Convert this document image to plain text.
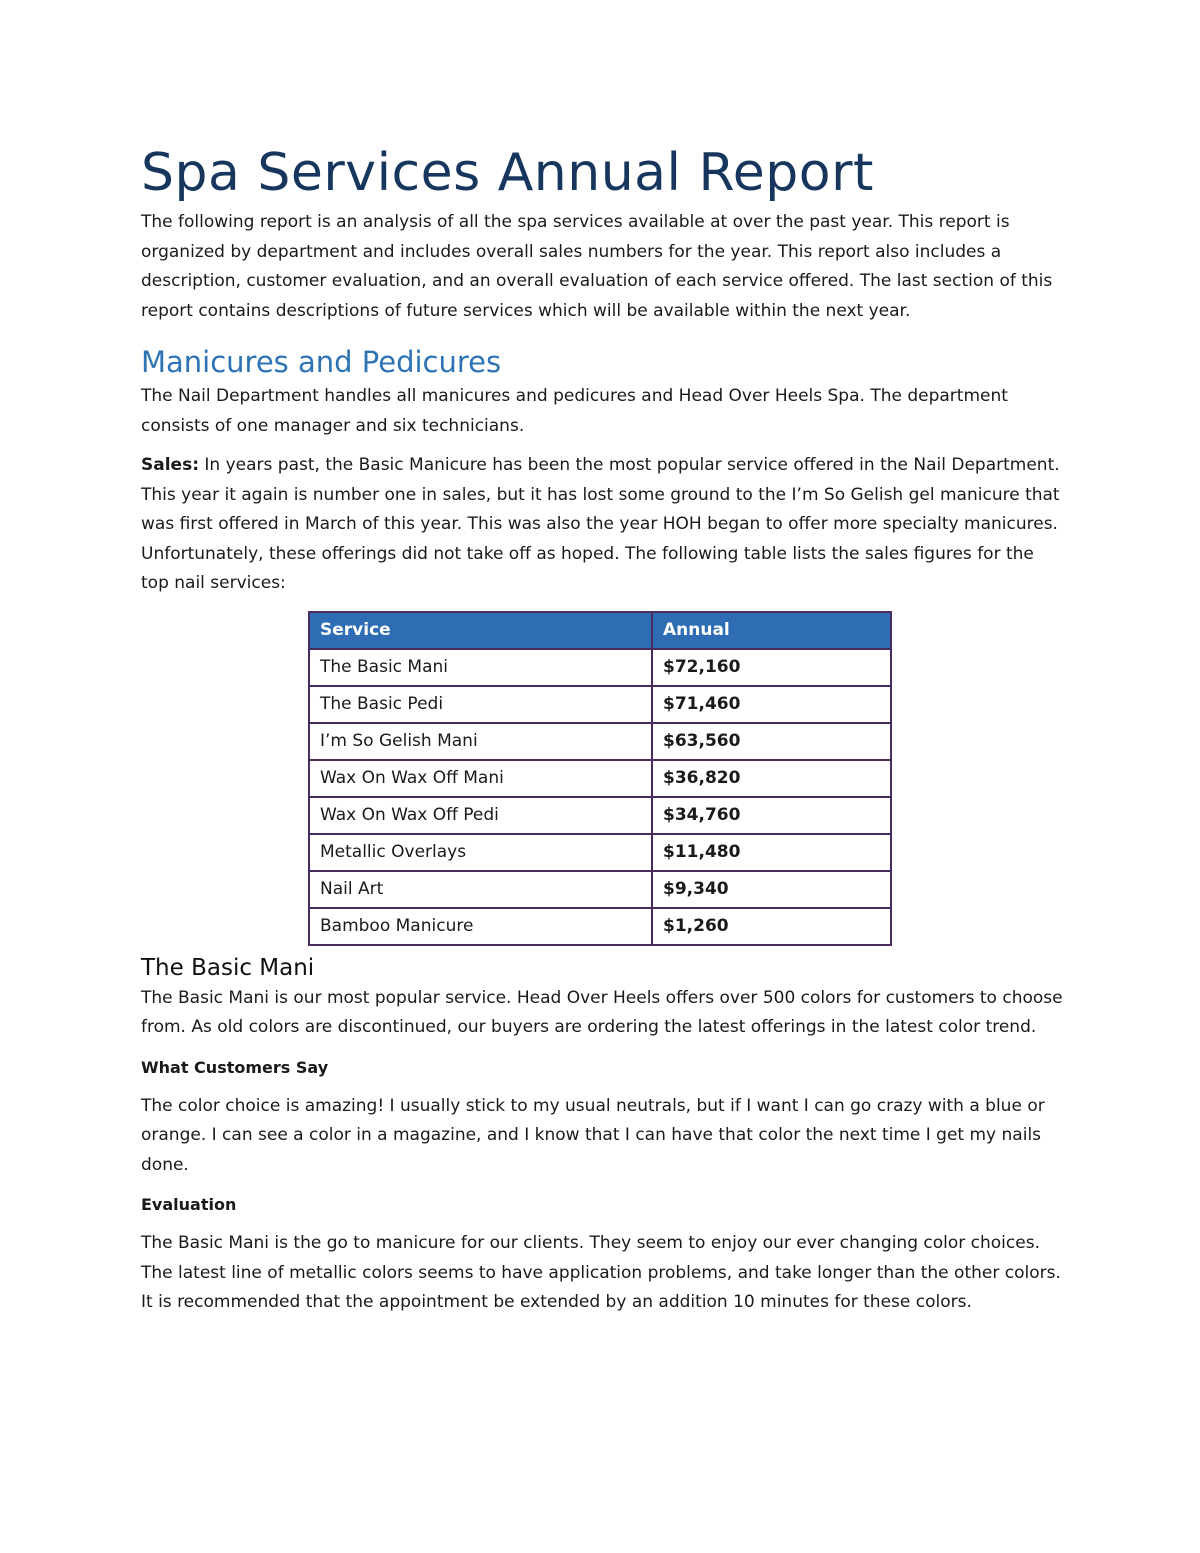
Spa Services Annual Report

The following report is an analysis of all the spa services available at over the past year. This report is organized by department and includes overall sales numbers for the year. This report also includes a description, customer evaluation, and an overall evaluation of each service offered. The last section of this report contains descriptions of future services which will be available within the next year.

Manicures and Pedicures

The Nail Department handles all manicures and pedicures and Head Over Heels Spa. The department consists of one manager and six technicians.

Sales: In years past, the Basic Manicure has been the most popular service offered in the Nail Department. This year it again is number one in sales, but it has lost some ground to the I’m So Gelish gel manicure that was first offered in March of this year. This was also the year HOH began to offer more specialty manicures. Unfortunately, these offerings did not take off as hoped. The following table lists the sales figures for the top nail services:

Service	Annual
The Basic Mani	$72,160
The Basic Pedi	$71,460
I’m So Gelish Mani	$63,560
Wax On Wax Off Mani	$36,820
Wax On Wax Off Pedi	$34,760
Metallic Overlays	$11,480
Nail Art	$9,340
Bamboo Manicure	$1,260
The Basic Mani

The Basic Mani is our most popular service. Head Over Heels offers over 500 colors for customers to choose from. As old colors are discontinued, our buyers are ordering the latest offerings in the latest color trend.

What Customers Say

The color choice is amazing! I usually stick to my usual neutrals, but if I want I can go crazy with a blue or orange. I can see a color in a magazine, and I know that I can have that color the next time I get my nails done.

Evaluation

The Basic Mani is the go to manicure for our clients. They seem to enjoy our ever changing color choices. The latest line of metallic colors seems to have application problems, and take longer than the other colors. It is recommended that the appointment be extended by an addition 10 minutes for these colors.
